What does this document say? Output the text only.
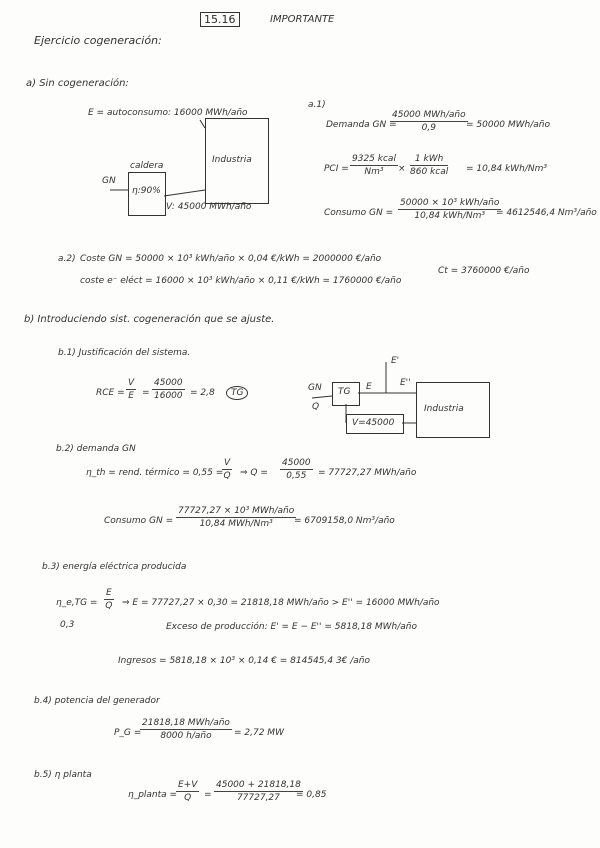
15.16	IMPORTANTE
Ejercicio cogeneración:
a) Sin cogeneración:
E = autoconsumo: 16000 MWh/año
Industria
caldera
η:90%
GN
V: 45000 MWh/año
a.1)
Demanda GN =
45000 MWh/año
0,9	= 50000 MWh/año
PCI =
9325 kcal
Nm³	×
1 kWh
860 kcal = 10,84 kWh/Nm³
Consumo GN =
50000 × 10³ kWh/año
10,84 kWh/Nm³	= 4612546,4 Nm³/año
a.2) Coste GN = 50000 × 10³ kWh/año × 0,04 €/kWh = 2000000 €/año
coste e⁻ eléct = 16000 × 10³ kWh/año × 0,11 €/kWh = 1760000 €/año
Ct = 3760000 €/año
b) Introduciendo sist. cogeneración que se ajuste.
b.1) Justificación del sistema.
RCE = $\frac{V}{E} = \frac{45000}{16000} = 2,8$	TG	GN
Q
TG E
E'
E''
Industria
V=45000
b.2) demanda GN
η_th = rend. térmico = 0,55 =
$\frac{V}{Q}$ ⇒ $Q = \frac{45000}{0,55} = 77727,27$ MWh/año
Consumo GN =
77727,27 × 10³ MWh/año
10,84 MWh/Nm³	= 6709158,0 Nm³/año
b.3) energía eléctrica producida
η_e,TG =
0,3
$\frac{E}{Q}$ ⇒ E = 77727,27 × 0,30 = 21818,18 MWh/año > E'' = 16000 MWh/año
Exceso de producción: E' = E − E'' = 5818,18 MWh/año
Ingresos = 5818,18 × 10³ × 0,14 € = 814545,4 3€ /año
b.4) potencia del generador
P_G =
21818,18 MWh/año
8000 h/año	= 2,72 MW
b.5) η planta
η_planta =
$\frac{E+V}{Q} = \frac{45000 + 21818,18}{77727,27}$
= 0,85
